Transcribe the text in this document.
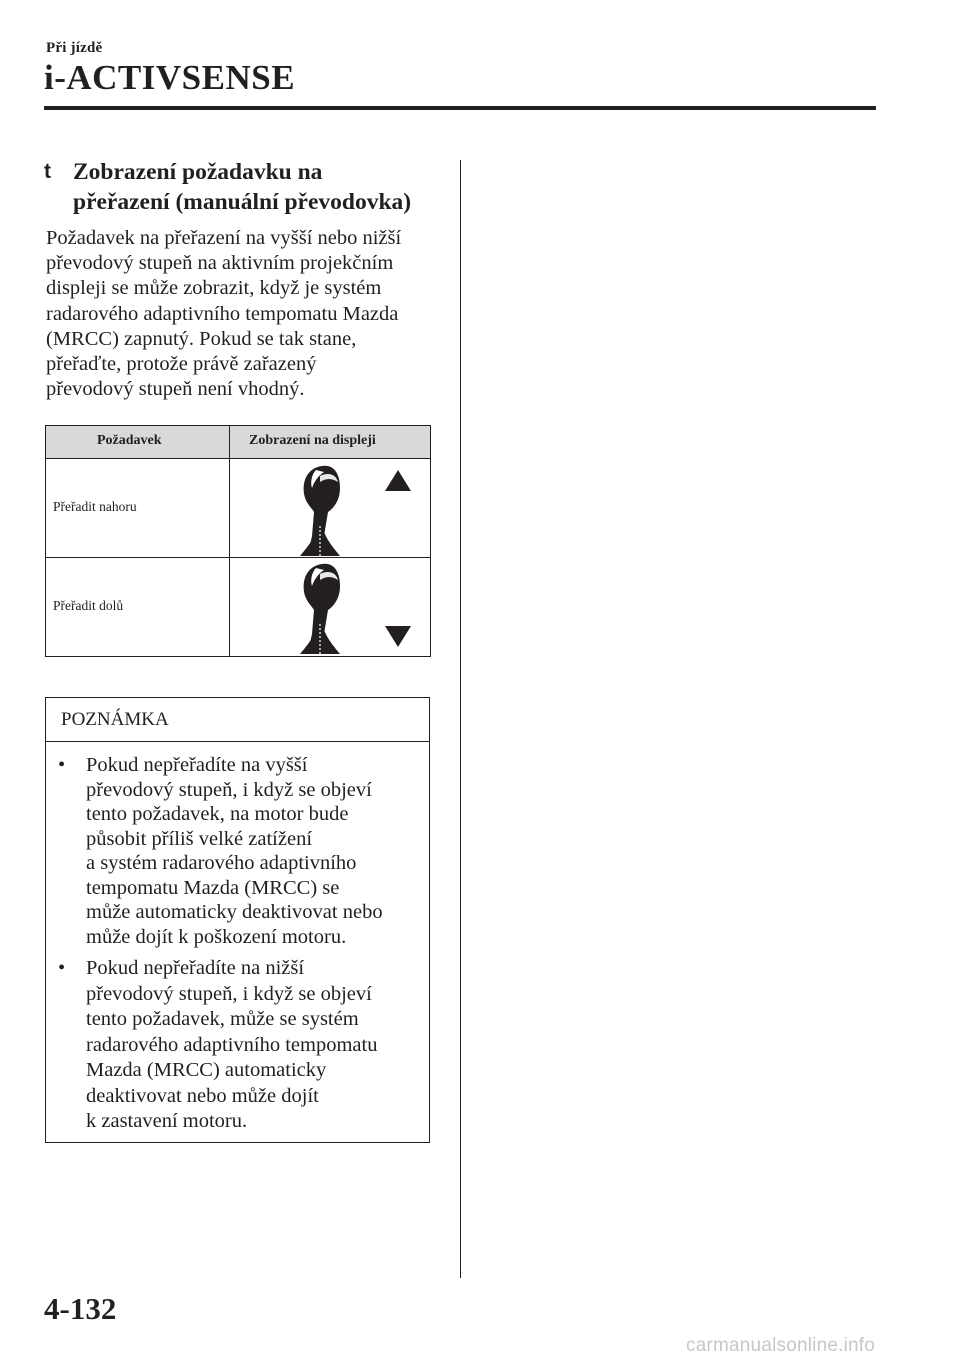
Při jízdě
i-ACTIVSENSE
t Zobrazení požadavku na
přeřazení (manuální převodovka)
Požadavek na přeřazení na vyšší nebo nižší
převodový stupeň na aktivním projekčním
displeji se může zobrazit, když je systém
radarového adaptivního tempomatu Mazda
(MRCC) zapnutý. Pokud se tak stane,
přeřaďte, protože právě zařazený
převodový stupeň není vhodný.
Požadavek	Zobrazení na displeji
Přeřadit nahoru
Přeřadit dolů
POZNÁMKA
• Pokud nepřeřadíte na vyšší
převodový stupeň, i když se objeví
tento požadavek, na motor bude
působit příliš velké zatížení
a systém radarového adaptivního
tempomatu Mazda (MRCC) se
může automaticky deaktivovat nebo
může dojít k poškození motoru.
• Pokud nepřeřadíte na nižší
převodový stupeň, i když se objeví
tento požadavek, může se systém
radarového adaptivního tempomatu
Mazda (MRCC) automaticky
deaktivovat nebo může dojít
k zastavení motoru.
4-132
carmanualsonline.info
